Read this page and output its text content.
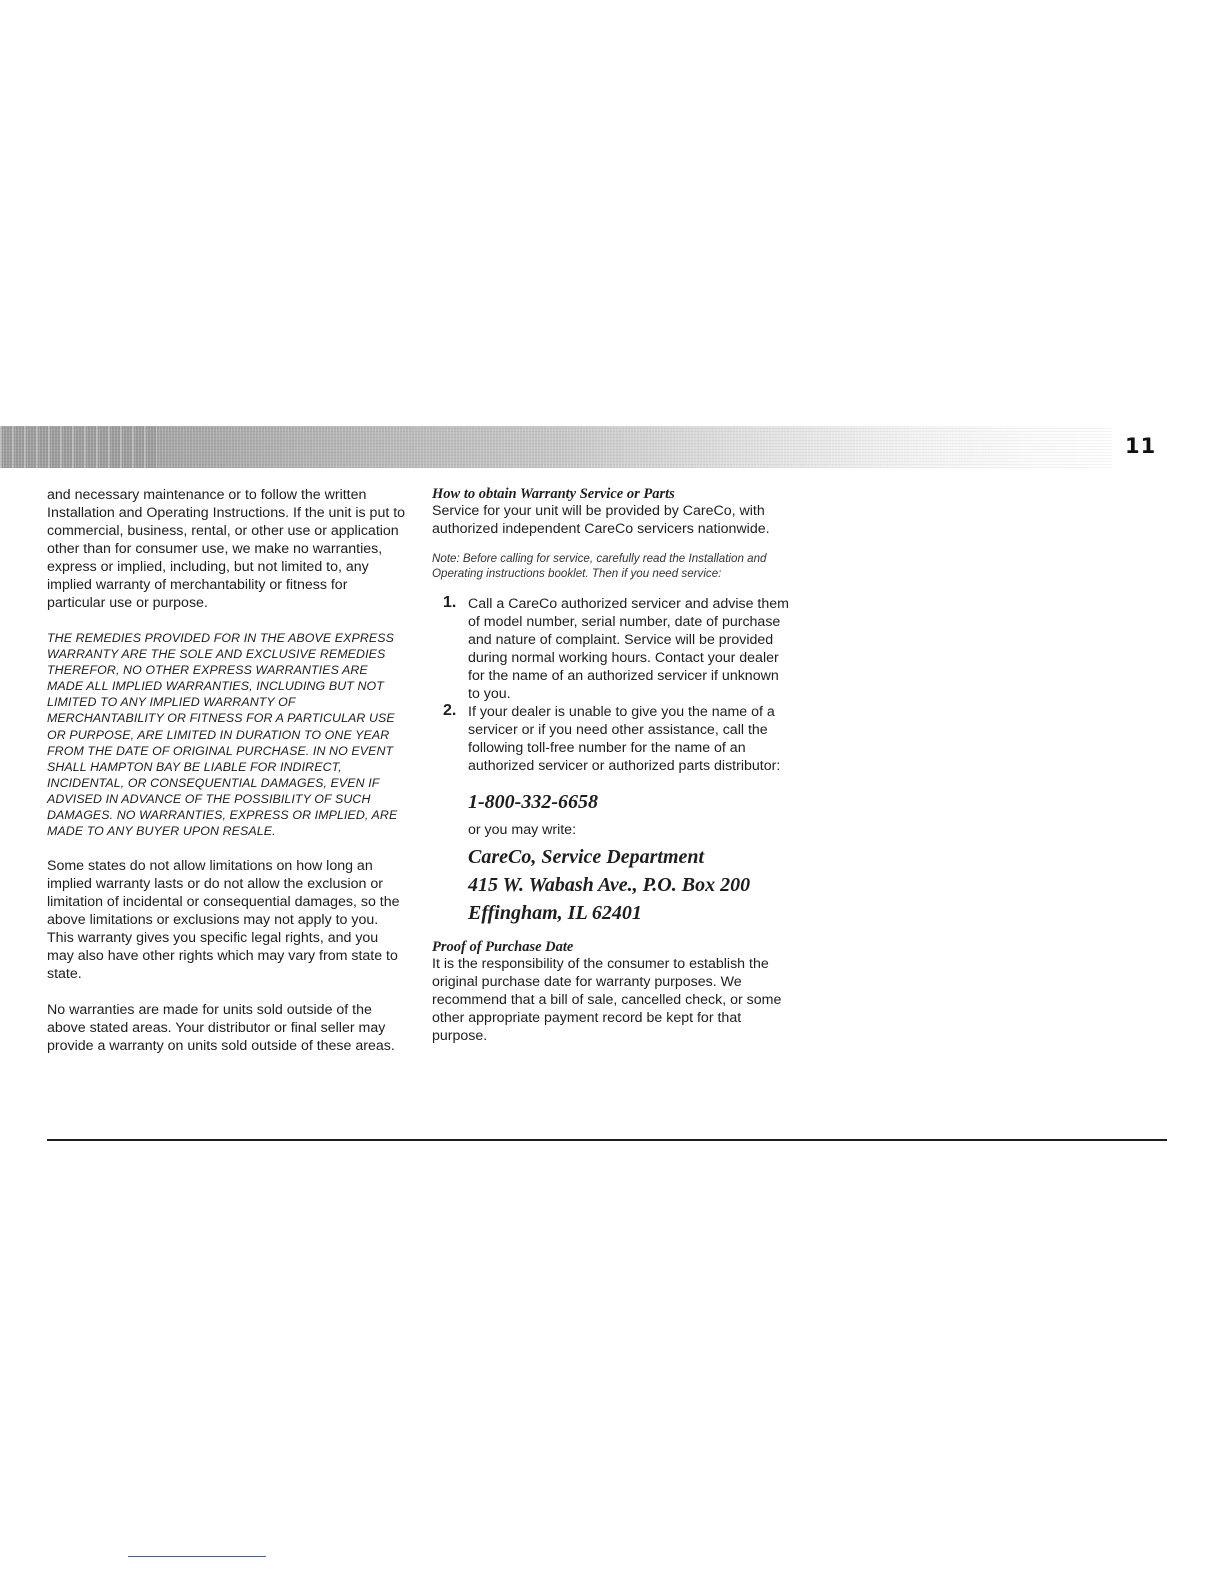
11

and necessary maintenance or to follow the written Installation and Operating Instructions. If the unit is put to commercial, business, rental, or other use or application other than for consumer use, we make no warranties, express or implied, including, but not limited to, any implied warranty of merchantability or fitness for particular use or purpose.

THE REMEDIES PROVIDED FOR IN THE ABOVE EXPRESS WARRANTY ARE THE SOLE AND EXCLUSIVE REMEDIES THEREFOR, NO OTHER EXPRESS WARRANTIES ARE MADE ALL IMPLIED WARRANTIES, INCLUDING BUT NOT LIMITED TO ANY IMPLIED WARRANTY OF MERCHANTABILITY OR FITNESS FOR A PARTICULAR USE OR PURPOSE, ARE LIMITED IN DURATION TO ONE YEAR FROM THE DATE OF ORIGINAL PURCHASE. IN NO EVENT SHALL HAMPTON BAY BE LIABLE FOR INDIRECT, INCIDENTAL, OR CONSEQUENTIAL DAMAGES, EVEN IF ADVISED IN ADVANCE OF THE POSSIBILITY OF SUCH DAMAGES. NO WARRANTIES, EXPRESS OR IMPLIED, ARE MADE TO ANY BUYER UPON RESALE.

Some states do not allow limitations on how long an implied warranty lasts or do not allow the exclusion or limitation of incidental or consequential damages, so the above limitations or exclusions may not apply to you. This warranty gives you specific legal rights, and you may also have other rights which may vary from state to state.

No warranties are made for units sold outside of the above stated areas. Your distributor or final seller may provide a warranty on units sold outside of these areas.

How to obtain Warranty Service or Parts

Service for your unit will be provided by CareCo, with authorized independent CareCo servicers nationwide.

Note: Before calling for service, carefully read the Installation and Operating instructions booklet. Then if you need service:

1. Call a CareCo authorized servicer and advise them of model number, serial number, date of purchase and nature of complaint. Service will be provided during normal working hours. Contact your dealer for the name of an authorized servicer if unknown to you.
2. If your dealer is unable to give you the name of a servicer or if you need other assistance, call the following toll-free number for the name of an authorized servicer or authorized parts distributor:
1-800-332-6658
or you may write:
CareCo, Service Department
415 W. Wabash Ave., P.O. Box 200
Effingham, IL 62401
Proof of Purchase Date

It is the responsibility of the consumer to establish the original purchase date for warranty purposes. We recommend that a bill of sale, cancelled check, or some other appropriate payment record be kept for that purpose.
